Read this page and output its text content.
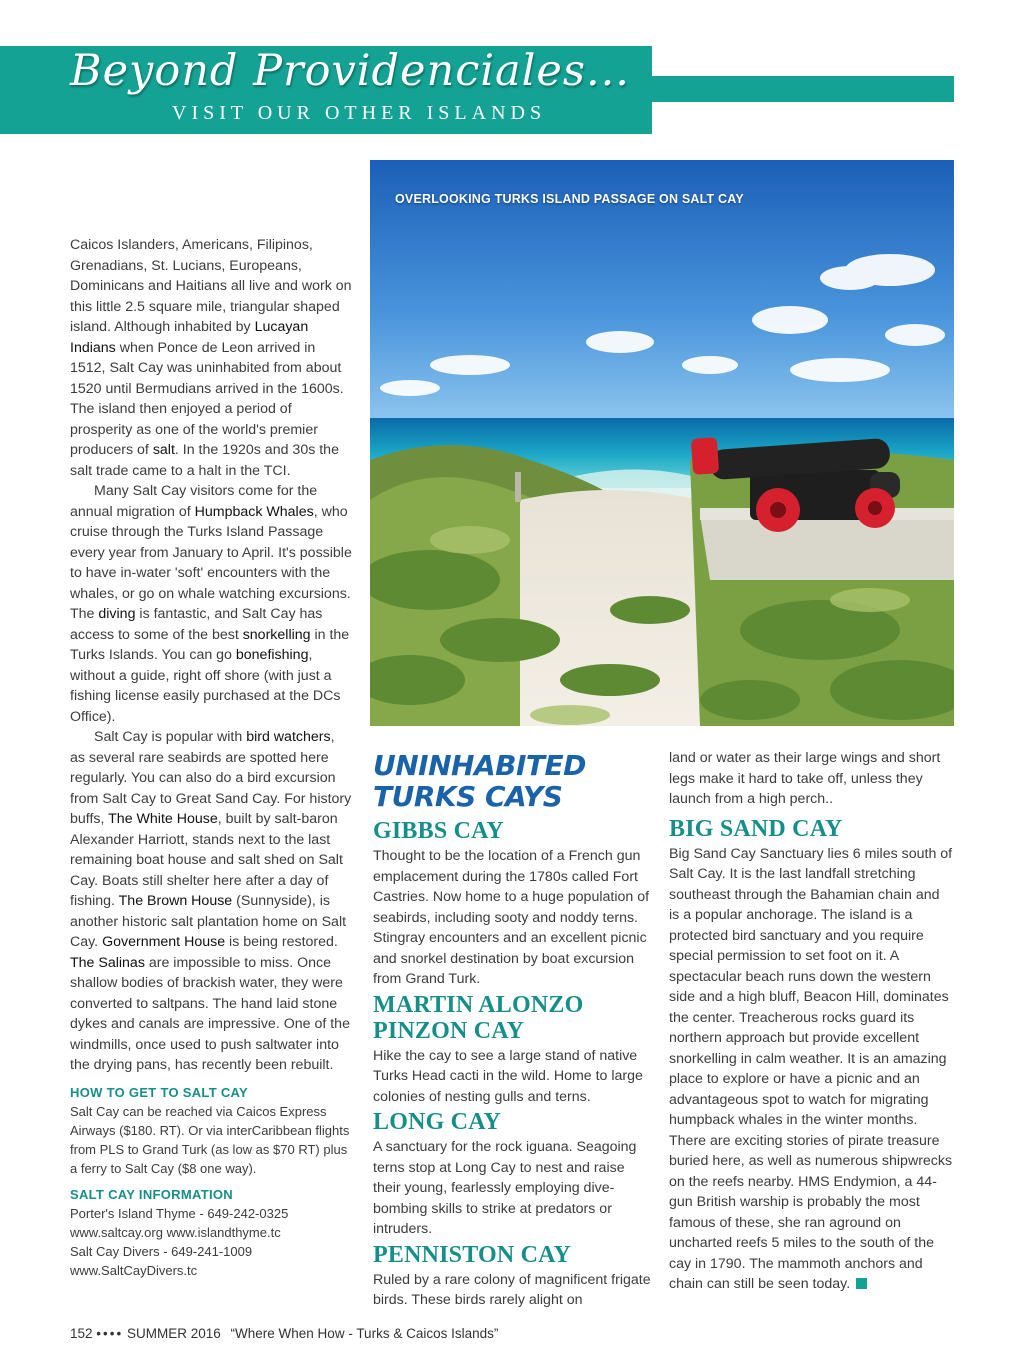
Beyond Providenciales...
VISIT OUR OTHER ISLANDS
OVERLOOKING TURKS ISLAND PASSAGE ON SALT CAY

Caicos Islanders, Americans, Filipinos, Grenadians, St. Lucians, Europeans, Dominicans and Haitians all live and work on this little 2.5 square mile, triangular shaped island. Although inhabited by Lucayan Indians when Ponce de Leon arrived in 1512, Salt Cay was uninhabited from about 1520 until Bermudians arrived in the 1600s. The island then enjoyed a period of prosperity as one of the world's premier producers of salt. In the 1920s and 30s the salt trade came to a halt in the TCI.

Many Salt Cay visitors come for the annual migration of Humpback Whales, who cruise through the Turks Island Passage every year from January to April. It's possible to have in-water 'soft' encounters with the whales, or go on whale watching excursions. The diving is fantastic, and Salt Cay has access to some of the best snorkelling in the Turks Islands. You can go bonefishing, without a guide, right off shore (with just a fishing license easily purchased at the DCs Office).

Salt Cay is popular with bird watchers, as several rare seabirds are spotted here regularly. You can also do a bird excursion from Salt Cay to Great Sand Cay. For history buffs, The White House, built by salt-baron Alexander Harriott, stands next to the last remaining boat house and salt shed on Salt Cay. Boats still shelter here after a day of fishing. The Brown House (Sunnyside), is another historic salt plantation home on Salt Cay. Government House is being restored. The Salinas are impossible to miss. Once shallow bodies of brackish water, they were converted to saltpans. The hand laid stone dykes and canals are impressive. One of the windmills, once used to push saltwater into the drying pans, has recently been rebuilt.

HOW TO GET TO SALT CAY
Salt Cay can be reached via Caicos Express Airways ($180. RT). Or via interCaribbean flights from PLS to Grand Turk (as low as $70 RT) plus a ferry to Salt Cay ($8 one way).
SALT CAY INFORMATION
Porter's Island Thyme - 649-242-0325
www.saltcay.org www.islandthyme.tc
Salt Cay Divers - 649-241-1009
www.SaltCayDivers.tc
UNINHABITED TURKS CAYS
GIBBS CAY

Thought to be the location of a French gun emplacement during the 1780s called Fort Castries. Now home to a huge population of seabirds, including sooty and noddy terns. Stingray encounters and an excellent picnic and snorkel destination by boat excursion from Grand Turk.

MARTIN ALONZO PINZON CAY

Hike the cay to see a large stand of native Turks Head cacti in the wild. Home to large colonies of nesting gulls and terns.

LONG CAY

A sanctuary for the rock iguana. Seagoing terns stop at Long Cay to nest and raise their young, fearlessly employing dive-bombing skills to strike at predators or intruders.

PENNISTON CAY

Ruled by a rare colony of magnificent frigate birds. These birds rarely alight on

land or water as their large wings and short legs make it hard to take off, unless they launch from a high perch..

BIG SAND CAY

Big Sand Cay Sanctuary lies 6 miles south of Salt Cay. It is the last landfall stretching southeast through the Bahamian chain and is a popular anchorage. The island is a protected bird sanctuary and you require special permission to set foot on it. A spectacular beach runs down the western side and a high bluff, Beacon Hill, dominates the center. Treacherous rocks guard its northern approach but provide excellent snorkelling in calm weather. It is an amazing place to explore or have a picnic and an advantageous spot to watch for migrating humpback whales in the winter months. There are exciting stories of pirate treasure buried here, as well as numerous shipwrecks on the reefs nearby. HMS Endymion, a 44-gun British warship is probably the most famous of these, she ran aground on uncharted reefs 5 miles to the south of the cay in 1790. The mammoth anchors and chain can still be seen today.

152 •••• SUMMER 2016 “Where When How - Turks & Caicos Islands”
